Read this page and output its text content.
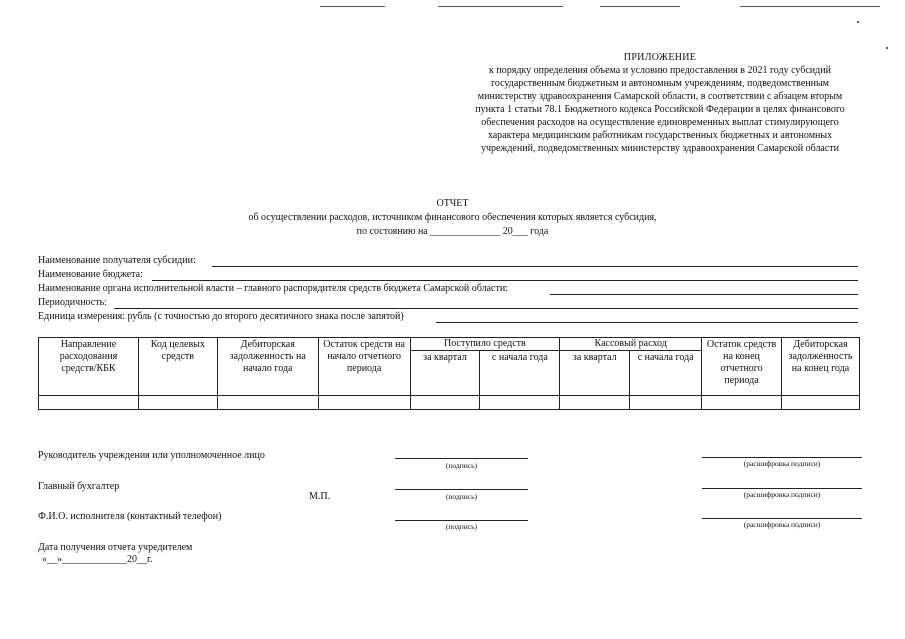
ПРИЛОЖЕНИЕ
к порядку определения объема и условию предоставления в 2021 году субсидий
государственным бюджетным и автономным учреждениям, подведомственным
министерству здравоохранения Самарской области, в соответствии с абзацем вторым
пункта 1 статьи 78.1 Бюджетного кодекса Российской Федерации в целях финансового
обеспечения расходов на осуществление единовременных выплат стимулирующего
характера медицинским работникам государственных бюджетных и автономных
учреждений, подведомственных министерству здравоохранения Самарской области
ОТЧЕТ
об осуществлении расходов, источником финансового обеспечения которых является субсидия,
по состоянию на ______________ 20___ года
Наименование получателя субсидии:
Наименование бюджета:
Наименование органа исполнительной власти – главного распорядителя средств бюджета Самарской области:
Периодичность:
Единица измерения: рубль (с точностью до второго десятичного знака после запятой)
Направление расходования средств/КБК	Код целевых средств	Дебиторская задолженность на начало года	Остаток средств на начало отчетного периода	Поступило средств		Кассовый расход		Остаток средств на конец отчетного периода	Дебиторская задолженность на конец года
				за квартал	с начала года	за квартал	с начала года		

Руководитель учреждения или уполномоченное лицо
(подпись)	(расшифровка подписи)
Главный бухгалтер
М.П.	(подпись)	(расшифровка подписи)
Ф.И.О. исполнителя (контактный телефон)
(подпись)	(расшифровка подписи)
Дата получения отчета учредителем
«__»_____________20__г.
